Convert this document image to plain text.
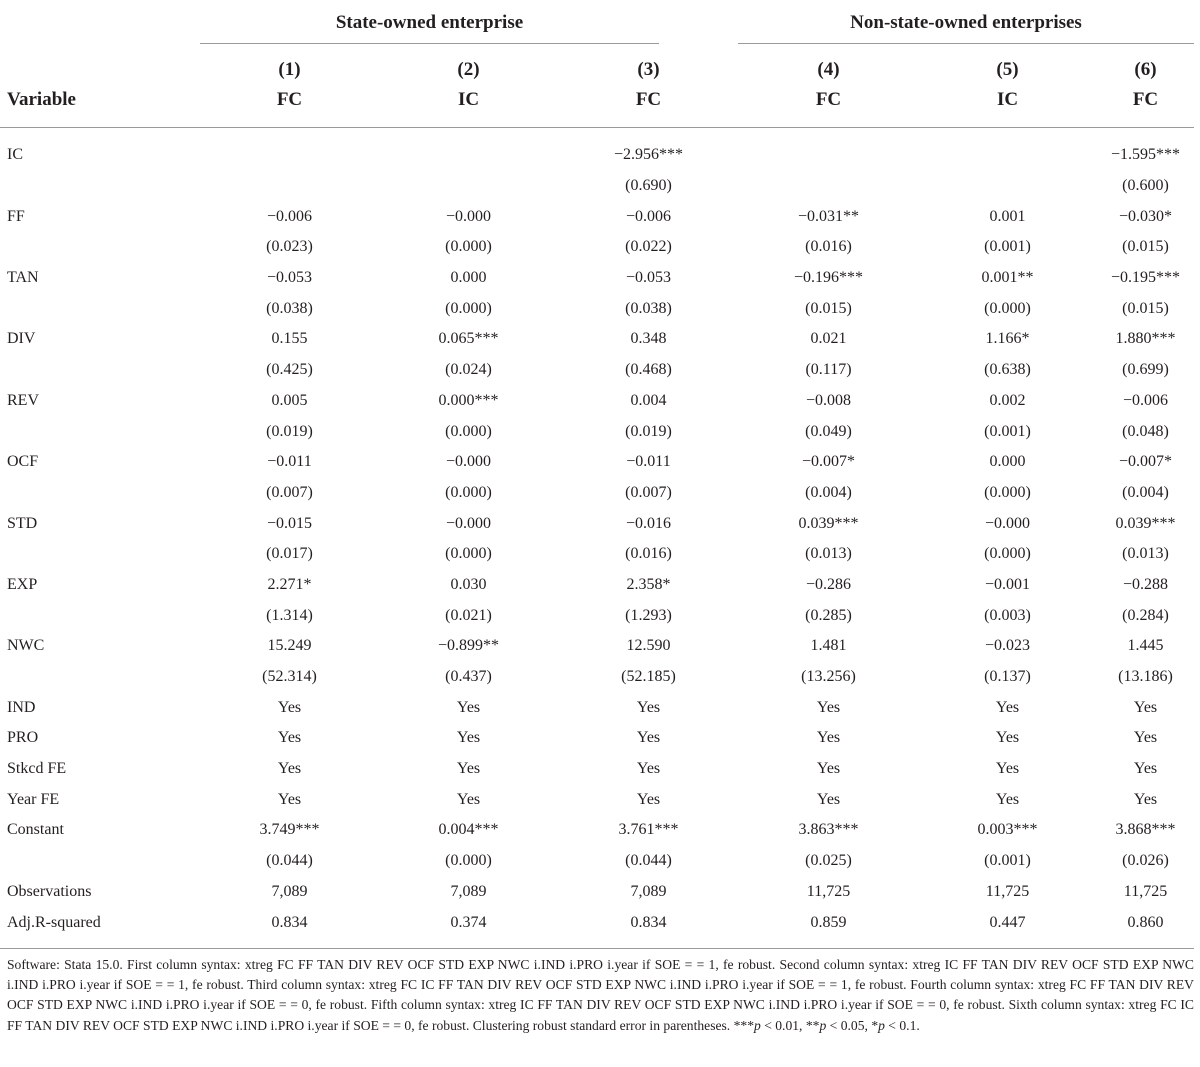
State-owned enterprise	Non-state-owned enterprises
	(1)	(2)	(3)	(4)	(5)	(6)
Variable	FC	IC	FC	FC	IC	FC
IC			−2.956***			−1.595***
			(0.690)			(0.600)
FF	−0.006	−0.000	−0.006	−0.031**	0.001	−0.030*
	(0.023)	(0.000)	(0.022)	(0.016)	(0.001)	(0.015)
TAN	−0.053	0.000	−0.053	−0.196***	0.001**	−0.195***
	(0.038)	(0.000)	(0.038)	(0.015)	(0.000)	(0.015)
DIV	0.155	0.065***	0.348	0.021	1.166*	1.880***
	(0.425)	(0.024)	(0.468)	(0.117)	(0.638)	(0.699)
REV	0.005	0.000***	0.004	−0.008	0.002	−0.006
	(0.019)	(0.000)	(0.019)	(0.049)	(0.001)	(0.048)
OCF	−0.011	−0.000	−0.011	−0.007*	0.000	−0.007*
	(0.007)	(0.000)	(0.007)	(0.004)	(0.000)	(0.004)
STD	−0.015	−0.000	−0.016	0.039***	−0.000	0.039***
	(0.017)	(0.000)	(0.016)	(0.013)	(0.000)	(0.013)
EXP	2.271*	0.030	2.358*	−0.286	−0.001	−0.288
	(1.314)	(0.021)	(1.293)	(0.285)	(0.003)	(0.284)
NWC	15.249	−0.899**	12.590	1.481	−0.023	1.445
	(52.314)	(0.437)	(52.185)	(13.256)	(0.137)	(13.186)
IND	Yes	Yes	Yes	Yes	Yes	Yes
PRO	Yes	Yes	Yes	Yes	Yes	Yes
Stkcd FE	Yes	Yes	Yes	Yes	Yes	Yes
Year FE	Yes	Yes	Yes	Yes	Yes	Yes
Constant	3.749***	0.004***	3.761***	3.863***	0.003***	3.868***
	(0.044)	(0.000)	(0.044)	(0.025)	(0.001)	(0.026)
Observations	7,089	7,089	7,089	11,725	11,725	11,725
Adj.R-squared	0.834	0.374	0.834	0.859	0.447	0.860
Software: Stata 15.0. First column syntax: xtreg FC FF TAN DIV REV OCF STD EXP NWC i.IND i.PRO i.year if SOE = = 1, fe robust. Second column syntax: xtreg IC FF TAN DIV REV OCF STD EXP NWC i.IND i.PRO i.year if SOE = = 1, fe robust. Third column syntax: xtreg FC IC FF TAN DIV REV OCF STD EXP NWC i.IND i.PRO i.year if SOE = = 1, fe robust. Fourth column syntax: xtreg FC FF TAN DIV REV OCF STD EXP NWC i.IND i.PRO i.year if SOE = = 0, fe robust. Fifth column syntax: xtreg IC FF TAN DIV REV OCF STD EXP NWC i.IND i.PRO i.year if SOE = = 0, fe robust. Sixth column syntax: xtreg FC IC FF TAN DIV REV OCF STD EXP NWC i.IND i.PRO i.year if SOE = = 0, fe robust. Clustering robust standard error in parentheses. ***p < 0.01, **p < 0.05, *p < 0.1.
